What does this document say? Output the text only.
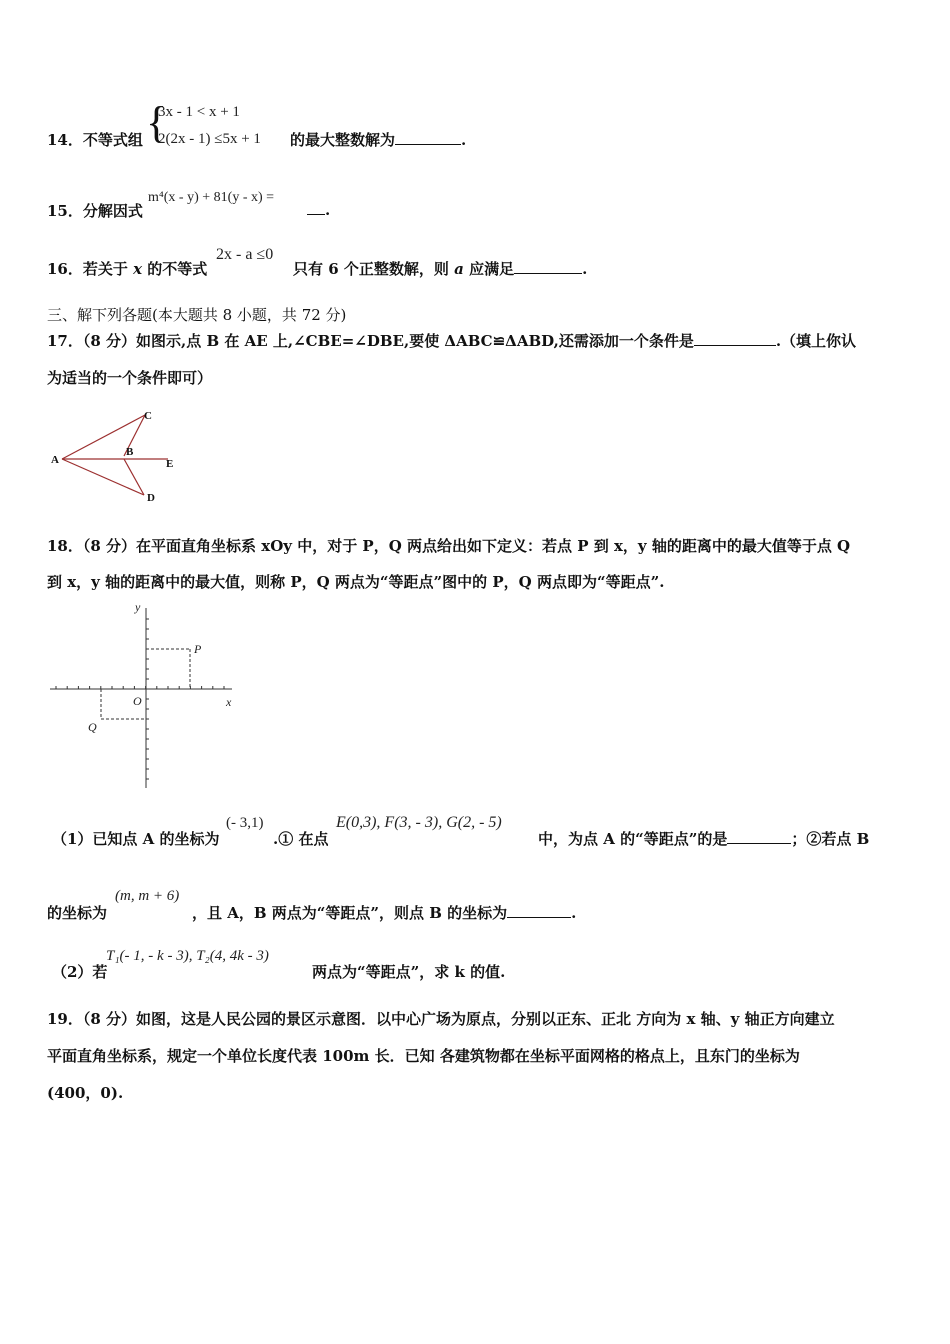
14．不等式组 {
3x - 1 < x + 1
2(2x - 1) ≤5x + 1 的最大整数解为	.
15．分解因式
m⁴(x - y) + 81(y - x) =
.
16．若关于 x 的不等式
2x - a ≤0
只有 6 个正整数解，则 a 应满足	.
三、解下列各题(本大题共 8 小题，共 72 分)
17．（8 分）如图示,点 B 在 AE 上,∠CBE=∠DBE,要使 ΔABC≌ΔABD,还需添加一个条件是	.（填上你认
为适当的一个条件即可）
A
B
C
D
E
18．（8 分）在平面直角坐标系 xOy 中，对于 P，Q 两点给出如下定义：若点 P 到 x，y 轴的距离中的最大值等于点 Q
到 x，y 轴的距离中的最大值，则称 P，Q 两点为“等距点”图中的 P，Q 两点即为“等距点”.
y
x
O
P
Q
（1）已知点 A 的坐标为
(- 3,1)
.① 在点
E(0,3), F(3, - 3), G(2, - 5)
中，为点 A 的“等距点”的是	；②若点 B
的坐标为
(m, m + 6)
，且 A，B 两点为“等距点”，则点 B 的坐标为	.
（2）若
T₁(- 1, - k - 3), T₂(4, 4k - 3)
两点为“等距点”，求 k 的值.
19．（8 分）如图，这是人民公园的景区示意图．以中心广场为原点，分别以正东、正北 方向为 x 轴、y 轴正方向建立
平面直角坐标系，规定一个单位长度代表 100m 长．已知 各建筑物都在坐标平面网格的格点上，且东门的坐标为
(400，0).
